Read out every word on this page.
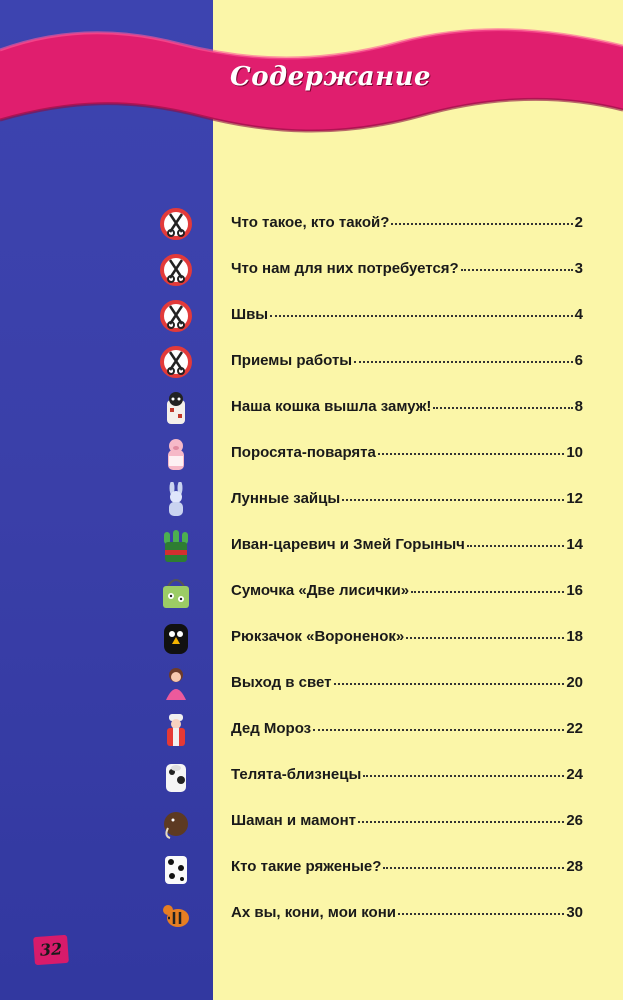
Содержание
Что такое, кто такой?	2
Что нам для них потребуется?	3
Швы	4
Приемы работы	6
Наша кошка вышла замуж!	8
Поросята-поварята	10
Лунные зайцы	12
Иван-царевич и Змей Горыныч	14
Сумочка «Две лисички»	16
Рюкзачок «Вороненок»	18
Выход в свет	20
Дед Мороз	22
Телята-близнецы	24
Шаман и мамонт	26
Кто такие ряженые?	28
Ах вы, кони, мои кони	30
32
